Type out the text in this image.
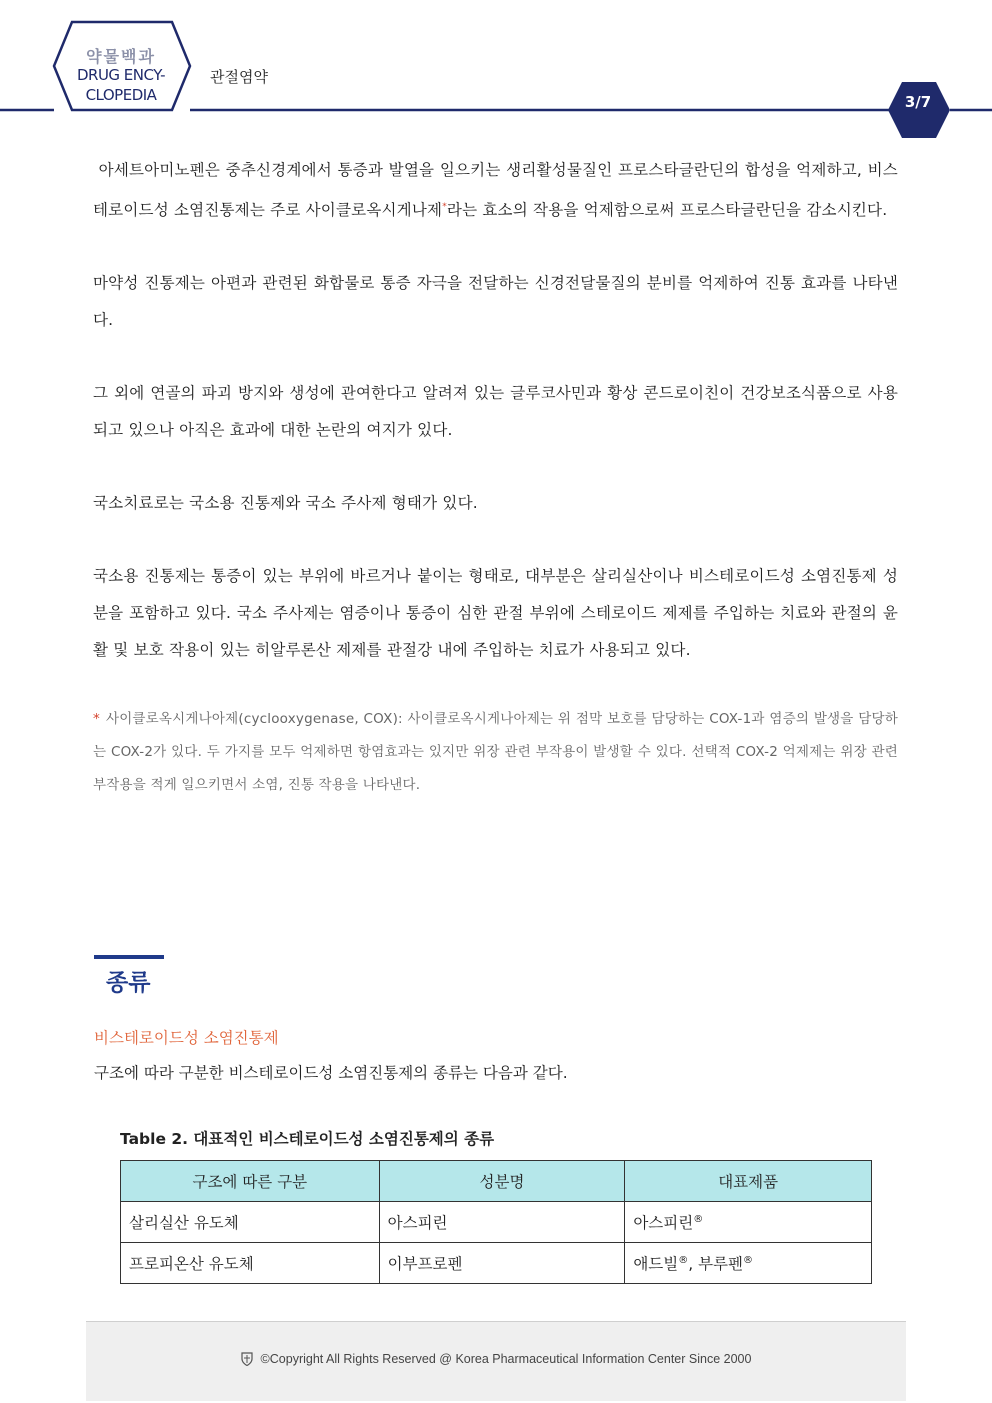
약물백과
DRUG ENCY-
CLOPEDIA
관절염약
3/7

아세트아미노펜은 중추신경계에서 통증과 발열을 일으키는 생리활성물질인 프로스타글란딘의 합성을 억제하고, 비스테로이드성 소염진통제는 주로 사이클로옥시게나제*라는 효소의 작용을 억제함으로써 프로스타글란딘을 감소시킨다.

마약성 진통제는 아편과 관련된 화합물로 통증 자극을 전달하는 신경전달물질의 분비를 억제하여 진통 효과를 나타낸다.

그 외에 연골의 파괴 방지와 생성에 관여한다고 알려져 있는 글루코사민과 황상 콘드로이친이 건강보조식품으로 사용되고 있으나 아직은 효과에 대한 논란의 여지가 있다.

국소치료로는 국소용 진통제와 국소 주사제 형태가 있다.

국소용 진통제는 통증이 있는 부위에 바르거나 붙이는 형태로, 대부분은 살리실산이나 비스테로이드성 소염진통제 성분을 포함하고 있다. 국소 주사제는 염증이나 통증이 심한 관절 부위에 스테로이드 제제를 주입하는 치료와 관절의 윤활 및 보호 작용이 있는 히알루론산 제제를 관절강 내에 주입하는 치료가 사용되고 있다.

* 사이클로옥시게나아제(cyclooxygenase, COX): 사이클로옥시게나아제는 위 점막 보호를 담당하는 COX-1과 염증의 발생을 담당하는 COX-2가 있다. 두 가지를 모두 억제하면 항염효과는 있지만 위장 관련 부작용이 발생할 수 있다. 선택적 COX-2 억제제는 위장 관련 부작용을 적게 일으키면서 소염, 진통 작용을 나타낸다.

종류
비스테로이드성 소염진통제
구조에 따라 구분한 비스테로이드성 소염진통제의 종류는 다음과 같다.
Table 2. 대표적인 비스테로이드성 소염진통제의 종류
구조에 따른 구분	성분명	대표제품
살리실산 유도체	아스피린	아스피린®
프로피온산 유도체	이부프로펜	애드빌®, 부루펜®
©Copyright All Rights Reserved @ Korea Pharmaceutical Information Center Since 2000
